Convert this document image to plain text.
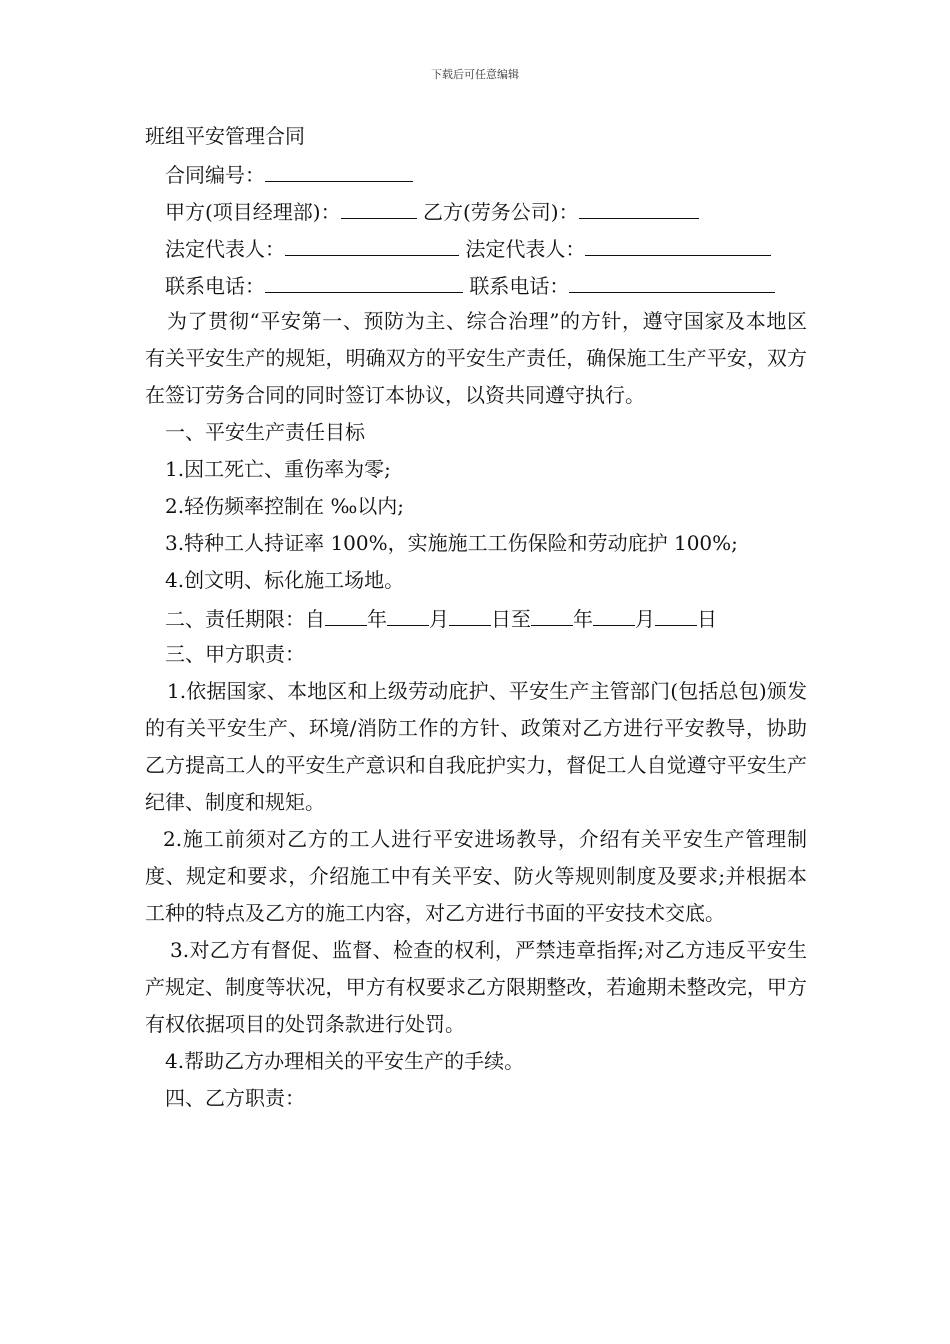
下载后可任意编辑
班组平安管理合同
合同编号：
甲方(项目经理部)：	乙方(劳务公司)：
法定代表人：	法定代表人：
联系电话：	联系电话：
为了贯彻“平安第一、预防为主、综合治理”的方针，遵守国家及本地区有关平安生产的规矩，明确双方的平安生产责任，确保施工生产平安，双方在签订劳务合同的同时签订本协议，以资共同遵守执行。
一、平安生产责任目标
1.因工死亡、重伤率为零;
2.轻伤频率控制在 ‰以内;
3.特种工人持证率 100%，实施施工工伤保险和劳动庇护 100%;
4.创文明、标化施工场地。
二、责任期限：自 年 月 日至 年 月 日
三、甲方职责：
1.依据国家、本地区和上级劳动庇护、平安生产主管部门(包括总包)颁发的有关平安生产、环境/消防工作的方针、政策对乙方进行平安教导，协助乙方提高工人的平安生产意识和自我庇护实力，督促工人自觉遵守平安生产纪律、制度和规矩。
2.施工前须对乙方的工人进行平安进场教导，介绍有关平安生产管理制度、规定和要求，介绍施工中有关平安、防火等规则制度及要求;并根据本工种的特点及乙方的施工内容，对乙方进行书面的平安技术交底。
3.对乙方有督促、监督、检查的权利，严禁违章指挥;对乙方违反平安生产规定、制度等状况，甲方有权要求乙方限期整改，若逾期未整改完，甲方有权依据项目的处罚条款进行处罚。
4.帮助乙方办理相关的平安生产的手续。
四、乙方职责：
